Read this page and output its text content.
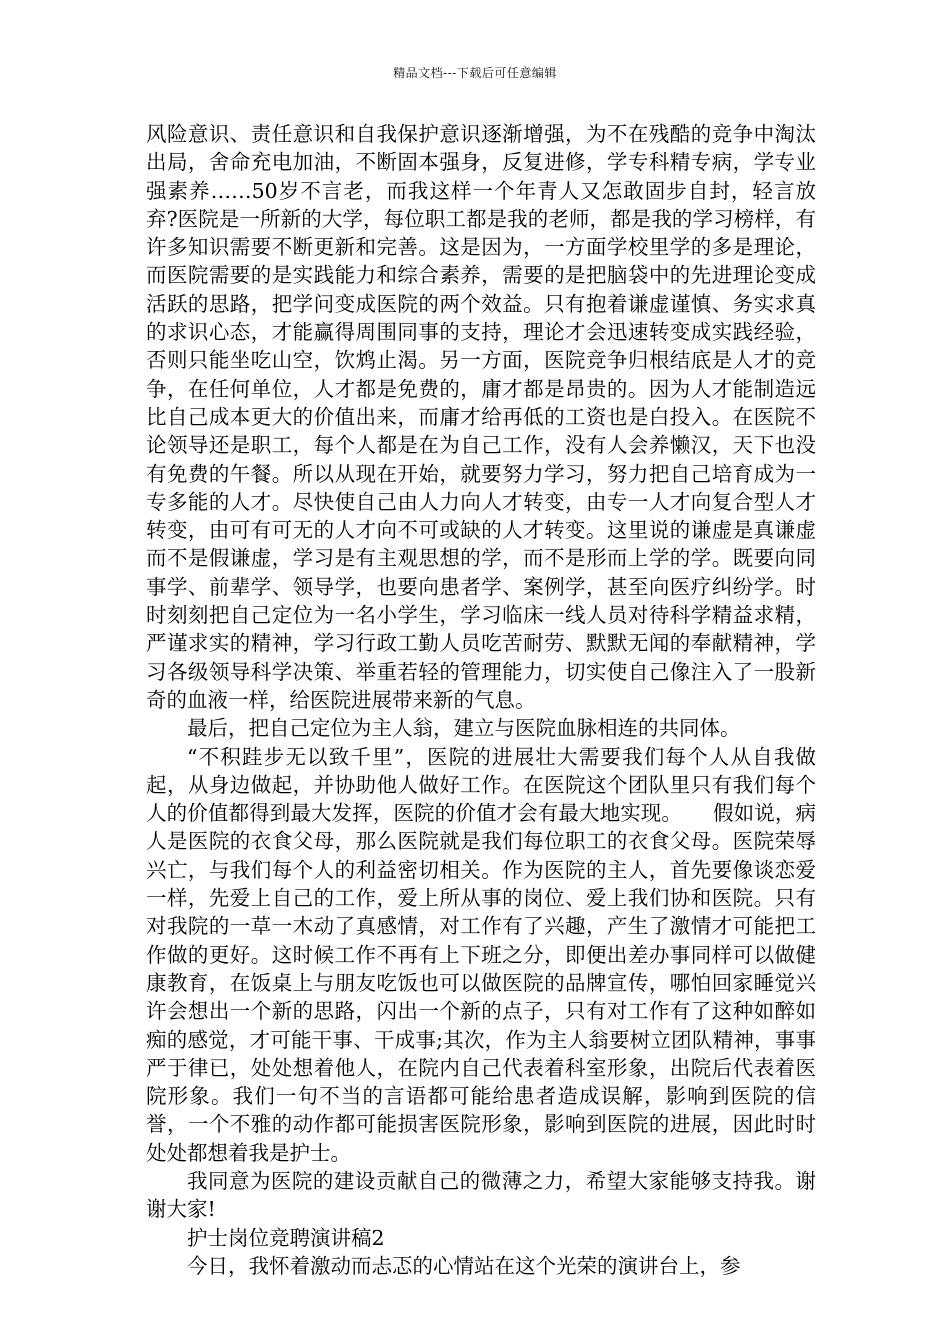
精品文档---下载后可任意编辑

风险意识、责任意识和自我保护意识逐渐增强，为不在残酷的竞争中淘汰出局，舍命充电加油，不断固本强身，反复进修，学专科精专病，学专业强素养……50岁不言老，而我这样一个年青人又怎敢固步自封，轻言放弃?医院是一所新的大学，每位职工都是我的老师，都是我的学习榜样，有许多知识需要不断更新和完善。这是因为，一方面学校里学的多是理论，而医院需要的是实践能力和综合素养，需要的是把脑袋中的先进理论变成活跃的思路，把学问变成医院的两个效益。只有抱着谦虚谨慎、务实求真的求识心态，才能赢得周围同事的支持，理论才会迅速转变成实践经验，否则只能坐吃山空，饮鸩止渴。另一方面，医院竞争归根结底是人才的竞争，在任何单位，人才都是免费的，庸才都是昂贵的。因为人才能制造远比自己成本更大的价值出来，而庸才给再低的工资也是白投入。在医院不论领导还是职工，每个人都是在为自己工作，没有人会养懒汉，天下也没有免费的午餐。所以从现在开始，就要努力学习，努力把自己培育成为一专多能的人才。尽快使自己由人力向人才转变，由专一人才向复合型人才转变，由可有可无的人才向不可或缺的人才转变。这里说的谦虚是真谦虚而不是假谦虚，学习是有主观思想的学，而不是形而上学的学。既要向同事学、前辈学、领导学，也要向患者学、案例学，甚至向医疗纠纷学。时时刻刻把自己定位为一名小学生，学习临床一线人员对待科学精益求精，严谨求实的精神，学习行政工勤人员吃苦耐劳、默默无闻的奉献精神，学习各级领导科学决策、举重若轻的管理能力，切实使自己像注入了一股新奇的血液一样，给医院进展带来新的气息。

最后，把自己定位为主人翁，建立与医院血脉相连的共同体。

“不积跬步无以致千里”，医院的进展壮大需要我们每个人从自我做起，从身边做起，并协助他人做好工作。在医院这个团队里只有我们每个人的价值都得到最大发挥，医院的价值才会有最大地实现。　　假如说，病人是医院的衣食父母，那么医院就是我们每位职工的衣食父母。医院荣辱兴亡，与我们每个人的利益密切相关。作为医院的主人，首先要像谈恋爱一样，先爱上自己的工作，爱上所从事的岗位、爱上我们协和医院。只有对我院的一草一木动了真感情，对工作有了兴趣，产生了激情才可能把工作做的更好。这时候工作不再有上下班之分，即便出差办事同样可以做健康教育，在饭桌上与朋友吃饭也可以做医院的品牌宣传，哪怕回家睡觉兴许会想出一个新的思路，闪出一个新的点子，只有对工作有了这种如醉如痴的感觉，才可能干事、干成事;其次，作为主人翁要树立团队精神，事事严于律已，处处想着他人，在院内自己代表着科室形象，出院后代表着医院形象。我们一句不当的言语都可能给患者造成误解，影响到医院的信誉，一个不雅的动作都可能损害医院形象，影响到医院的进展，因此时时处处都想着我是护士。

我同意为医院的建设贡献自己的微薄之力，希望大家能够支持我。谢谢大家!

护士岗位竞聘演讲稿2

今日，我怀着激动而忐忑的心情站在这个光荣的演讲台上，参
